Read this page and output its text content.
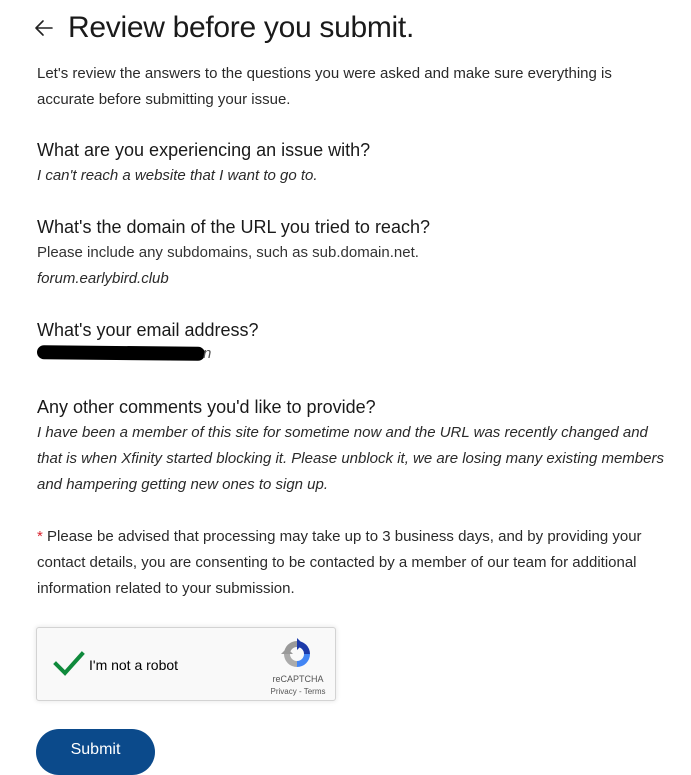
Review before you submit.
Let's review the answers to the questions you were asked and make sure everything is accurate before submitting your issue.
What are you experiencing an issue with?
I can't reach a website that I want to go to.
What's the domain of the URL you tried to reach?
Please include any subdomains, such as sub.domain.net.
forum.earlybird.club
What's your email address?
n
Any other comments you'd like to provide?
I have been a member of this site for sometime now and the URL was recently changed and that is when Xfinity started blocking it. Please unblock it, we are losing many existing members and hampering getting new ones to sign up.
* Please be advised that processing may take up to 3 business days, and by providing your contact details, you are consenting to be contacted by a member of our team for additional information related to your submission.
I'm not a robot
reCAPTCHA
Privacy - Terms
Submit
